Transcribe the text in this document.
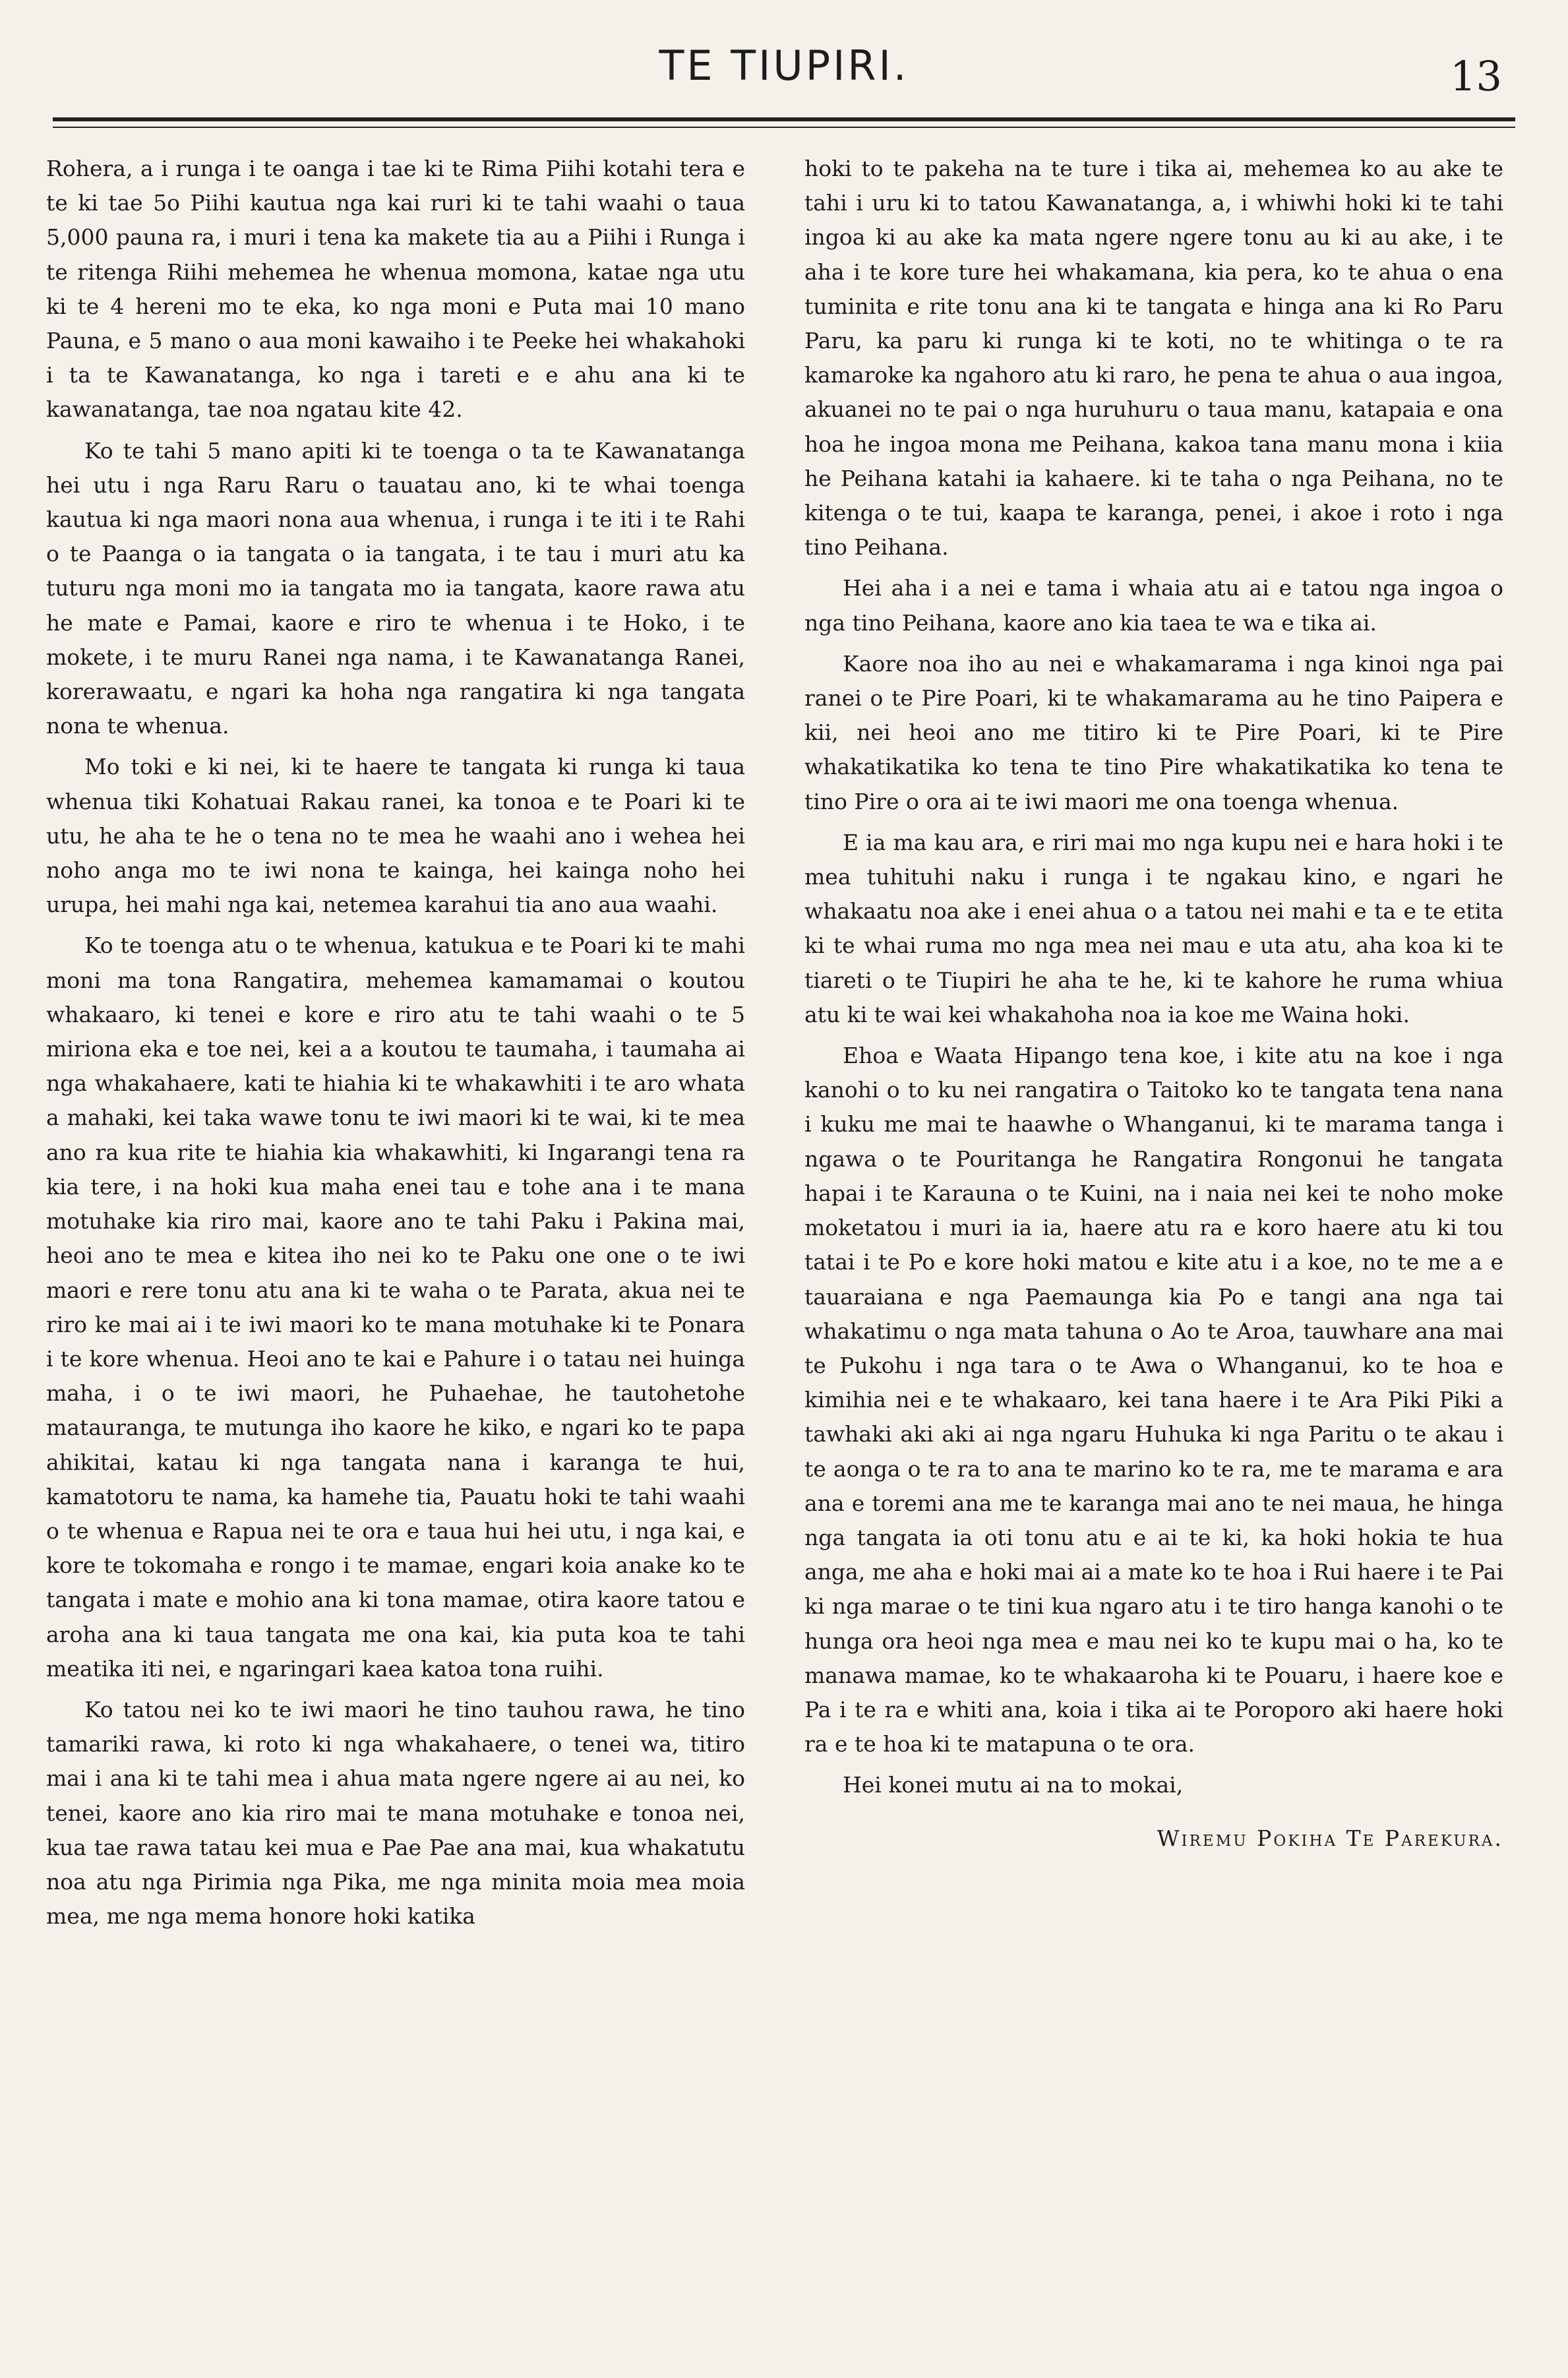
TE TIUPIRI.	13

Rohera, a i runga i te oanga i tae ki te Rima Piihi kotahi tera e te ki tae 5o Piihi kautua nga kai ruri ki te tahi waahi o taua 5,000 pauna ra, i muri i tena ka makete tia au a Piihi i Runga i te ritenga Riihi mehemea he whenua momona, katae nga utu ki te 4 hereni mo te eka, ko nga moni e Puta mai 10 mano Pauna, e 5 mano o aua moni kawaiho i te Peeke hei whakahoki i ta te Kawanatanga, ko nga i tareti e e ahu ana ki te kawanatanga, tae noa ngatau kite 42.

Ko te tahi 5 mano apiti ki te toenga o ta te Kawanatanga hei utu i nga Raru Raru o tauatau ano, ki te whai toenga kautua ki nga maori nona aua whenua, i runga i te iti i te Rahi o te Paanga o ia tangata o ia tangata, i te tau i muri atu ka tuturu nga moni mo ia tangata mo ia tangata, kaore rawa atu he mate e Pamai, kaore e riro te whenua i te Hoko, i te mokete, i te muru Ranei nga nama, i te Kawanatanga Ranei, korerawaatu, e ngari ka hoha nga rangatira ki nga tangata nona te whenua.

Mo toki e ki nei, ki te haere te tangata ki runga ki taua whenua tiki Kohatuai Rakau ranei, ka tonoa e te Poari ki te utu, he aha te he o tena no te mea he waahi ano i wehea hei noho anga mo te iwi nona te kainga, hei kainga noho hei urupa, hei mahi nga kai, netemea karahui tia ano aua waahi.

Ko te toenga atu o te whenua, katukua e te Poari ki te mahi moni ma tona Rangatira, mehemea kamamamai o koutou whakaaro, ki tenei e kore e riro atu te tahi waahi o te 5 miriona eka e toe nei, kei a a koutou te taumaha, i taumaha ai nga whakahaere, kati te hiahia ki te whakawhiti i te aro whata a mahaki, kei taka wawe tonu te iwi maori ki te wai, ki te mea ano ra kua rite te hiahia kia whakawhiti, ki Ingarangi tena ra kia tere, i na hoki kua maha enei tau e tohe ana i te mana motuhake kia riro mai, kaore ano te tahi Paku i Pakina mai, heoi ano te mea e kitea iho nei ko te Paku one one o te iwi maori e rere tonu atu ana ki te waha o te Parata, akua nei te riro ke mai ai i te iwi maori ko te mana motuhake ki te Ponara i te kore whenua. Heoi ano te kai e Pahure i o tatau nei huinga maha, i o te iwi maori, he Puhaehae, he tautohetohe matauranga, te mutunga iho kaore he kiko, e ngari ko te papa ahikitai, katau ki nga tangata nana i karanga te hui, kamatotoru te nama, ka hamehe tia, Pauatu hoki te tahi waahi o te whenua e Rapua nei te ora e taua hui hei utu, i nga kai, e kore te tokomaha e rongo i te mamae, engari koia anake ko te tangata i mate e mohio ana ki tona mamae, otira kaore tatou e aroha ana ki taua tangata me ona kai, kia puta koa te tahi meatika iti nei, e ngaringari kaea katoa tona ruihi.

Ko tatou nei ko te iwi maori he tino tauhou rawa, he tino tamariki rawa, ki roto ki nga whakahaere, o tenei wa, titiro mai i ana ki te tahi mea i ahua mata ngere ngere ai au nei, ko tenei, kaore ano kia riro mai te mana motuhake e tonoa nei, kua tae rawa tatau kei mua e Pae Pae ana mai, kua whakatutu noa atu nga Pirimia nga Pika, me nga minita moia mea moia mea, me nga mema honore hoki katika

hoki to te pakeha na te ture i tika ai, mehemea ko au ake te tahi i uru ki to tatou Kawanatanga, a, i whiwhi hoki ki te tahi ingoa ki au ake ka mata ngere ngere tonu au ki au ake, i te aha i te kore ture hei whakamana, kia pera, ko te ahua o ena tuminita e rite tonu ana ki te tangata e hinga ana ki Ro Paru Paru, ka paru ki runga ki te koti, no te whitinga o te ra kamaroke ka ngahoro atu ki raro, he pena te ahua o aua ingoa, akuanei no te pai o nga huruhuru o taua manu, katapaia e ona hoa he ingoa mona me Peihana, kakoa tana manu mona i kiia he Peihana katahi ia kahaere. ki te taha o nga Peihana, no te kitenga o te tui, kaapa te karanga, penei, i akoe i roto i nga tino Peihana.

Hei aha i a nei e tama i whaia atu ai e tatou nga ingoa o nga tino Peihana, kaore ano kia taea te wa e tika ai.

Kaore noa iho au nei e whakamarama i nga kinoi nga pai ranei o te Pire Poari, ki te whakamarama au he tino Paipera e kii, nei heoi ano me titiro ki te Pire Poari, ki te Pire whakatikatika ko tena te tino Pire whakatikatika ko tena te tino Pire o ora ai te iwi maori me ona toenga whenua.

E ia ma kau ara, e riri mai mo nga kupu nei e hara hoki i te mea tuhituhi naku i runga i te ngakau kino, e ngari he whakaatu noa ake i enei ahua o a tatou nei mahi e ta e te etita ki te whai ruma mo nga mea nei mau e uta atu, aha koa ki te tiareti o te Tiupiri he aha te he, ki te kahore he ruma whiua atu ki te wai kei whakahoha noa ia koe me Waina hoki.

Ehoa e Waata Hipango tena koe, i kite atu na koe i nga kanohi o to ku nei rangatira o Taitoko ko te tangata tena nana i kuku me mai te haawhe o Whanganui, ki te marama tanga i ngawa o te Pouritanga he Rangatira Rongonui he tangata hapai i te Karauna o te Kuini, na i naia nei kei te noho moke moketatou i muri ia ia, haere atu ra e koro haere atu ki tou tatai i te Po e kore hoki matou e kite atu i a koe, no te me a e tauaraiana e nga Paemaunga kia Po e tangi ana nga tai whakatimu o nga mata tahuna o Ao te Aroa, tauwhare ana mai te Pukohu i nga tara o te Awa o Whanganui, ko te hoa e kimihia nei e te whakaaro, kei tana haere i te Ara Piki Piki a tawhaki aki aki ai nga ngaru Huhuka ki nga Paritu o te akau i te aonga o te ra to ana te marino ko te ra, me te marama e ara ana e toremi ana me te karanga mai ano te nei maua, he hinga nga tangata ia oti tonu atu e ai te ki, ka hoki hokia te hua anga, me aha e hoki mai ai a mate ko te hoa i Rui haere i te Pai ki nga marae o te tini kua ngaro atu i te tiro hanga kanohi o te hunga ora heoi nga mea e mau nei ko te kupu mai o ha, ko te manawa mamae, ko te whakaaroha ki te Pouaru, i haere koe e Pa i te ra e whiti ana, koia i tika ai te Poroporo aki haere hoki ra e te hoa ki te matapuna o te ora.

Hei konei mutu ai na to mokai,

Wiremu Pokiha Te Parekura.
